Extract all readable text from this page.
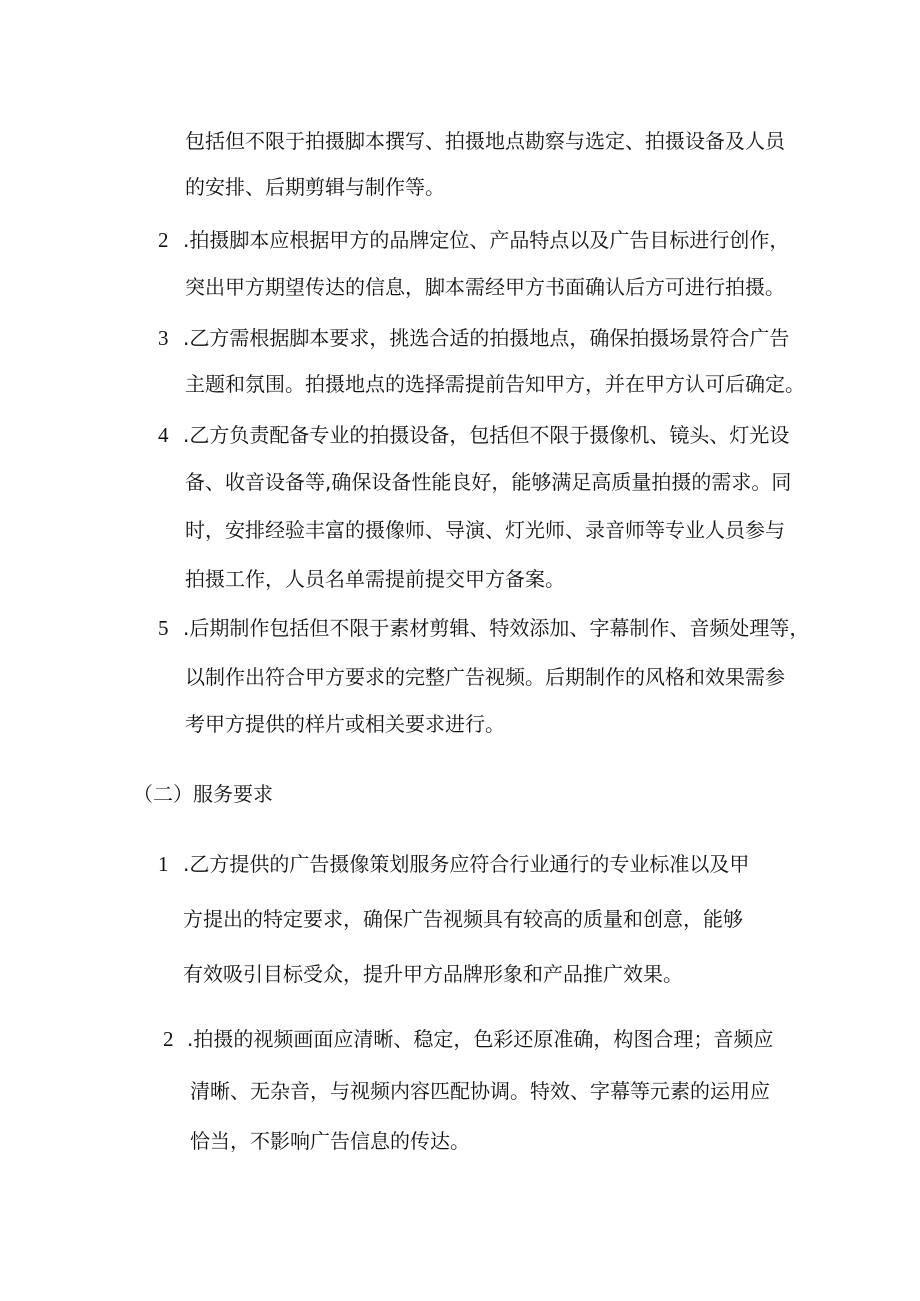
包括但不限于拍摄脚本撰写、拍摄地点勘察与选定、拍摄设备及人员
的安排、后期剪辑与制作等。
2 .拍摄脚本应根据甲方的品牌定位、产品特点以及广告目标进行创作，
突出甲方期望传达的信息，脚本需经甲方书面确认后方可进行拍摄。
3 .乙方需根据脚本要求，挑选合适的拍摄地点，确保拍摄场景符合广告
主题和氛围。拍摄地点的选择需提前告知甲方，并在甲方认可后确定。
4 .乙方负责配备专业的拍摄设备，包括但不限于摄像机、镜头、灯光设
备、收音设备等,确保设备性能良好，能够满足高质量拍摄的需求。同
时，安排经验丰富的摄像师、导演、灯光师、录音师等专业人员参与
拍摄工作，人员名单需提前提交甲方备案。
5 .后期制作包括但不限于素材剪辑、特效添加、字幕制作、音频处理等，
以制作出符合甲方要求的完整广告视频。后期制作的风格和效果需参
考甲方提供的样片或相关要求进行。
（二）服务要求
1 .乙方提供的广告摄像策划服务应符合行业通行的专业标准以及甲
方提出的特定要求，确保广告视频具有较高的质量和创意，能够
有效吸引目标受众，提升甲方品牌形象和产品推广效果。
2 .拍摄的视频画面应清晰、稳定，色彩还原准确，构图合理；音频应
清晰、无杂音，与视频内容匹配协调。特效、字幕等元素的运用应
恰当，不影响广告信息的传达。
